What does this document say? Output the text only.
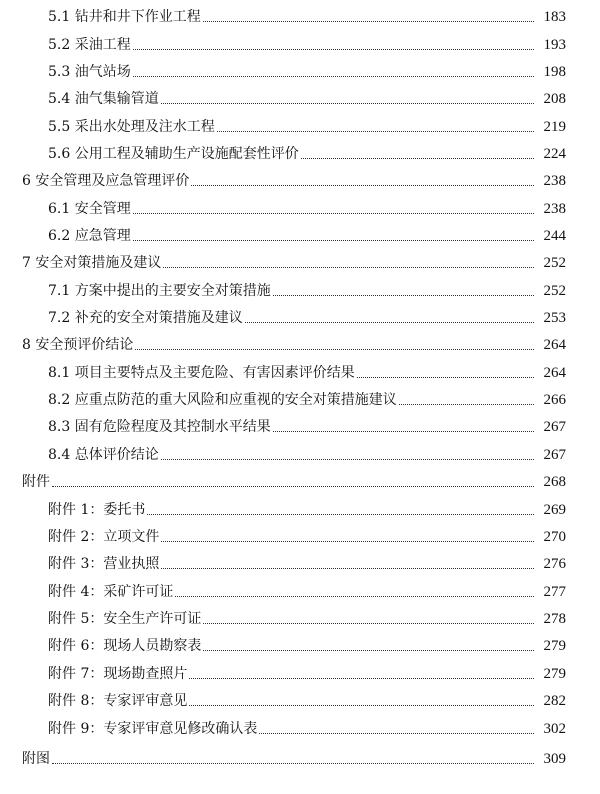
5.1 钻井和井下作业工程	183
5.2 采油工程	193
5.3 油气站场	198
5.4 油气集输管道	208
5.5 采出水处理及注水工程	219
5.6 公用工程及辅助生产设施配套性评价	224
6 安全管理及应急管理评价	238
6.1 安全管理	238
6.2 应急管理	244
7 安全对策措施及建议	252
7.1 方案中提出的主要安全对策措施	252
7.2 补充的安全对策措施及建议	253
8 安全预评价结论	264
8.1 项目主要特点及主要危险、有害因素评价结果	264
8.2 应重点防范的重大风险和应重视的安全对策措施建议	266
8.3 固有危险程度及其控制水平结果	267
8.4 总体评价结论	267
附件	268
附件 1：委托书	269
附件 2：立项文件	270
附件 3：营业执照	276
附件 4：采矿许可证	277
附件 5：安全生产许可证	278
附件 6：现场人员勘察表	279
附件 7：现场勘查照片	279
附件 8：专家评审意见	282
附件 9：专家评审意见修改确认表	302
附图	309
